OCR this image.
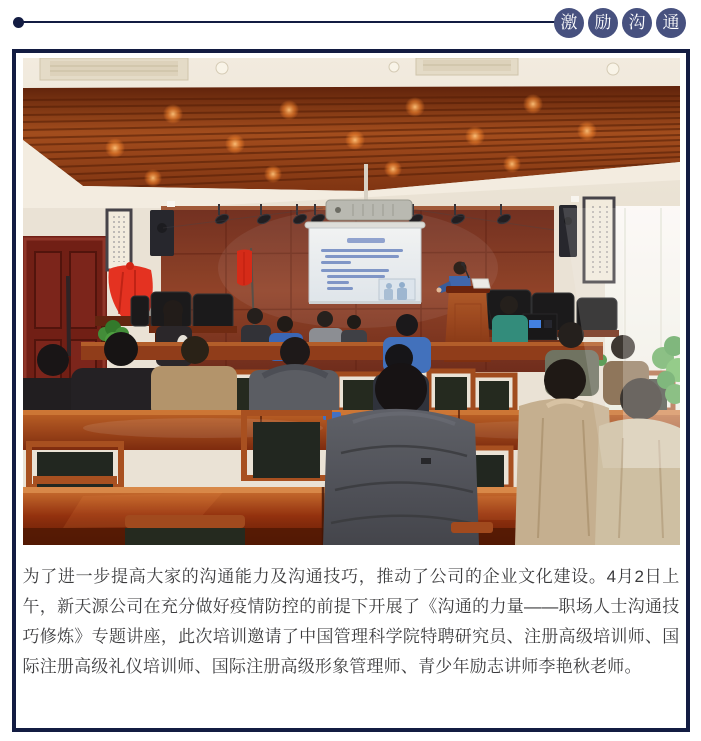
激	励	沟	通

为了进一步提高大家的沟通能力及沟通技巧，推动了公司的企业文化建设。4月2日上午，新天源公司在充分做好疫情防控的前提下开展了《沟通的力量——职场人士沟通技巧修炼》专题讲座，此次培训邀请了中国管理科学院特聘研究员、注册高级培训师、国际注册高级礼仪培训师、国际注册高级形象管理师、青少年励志讲师李艳秋老师。
